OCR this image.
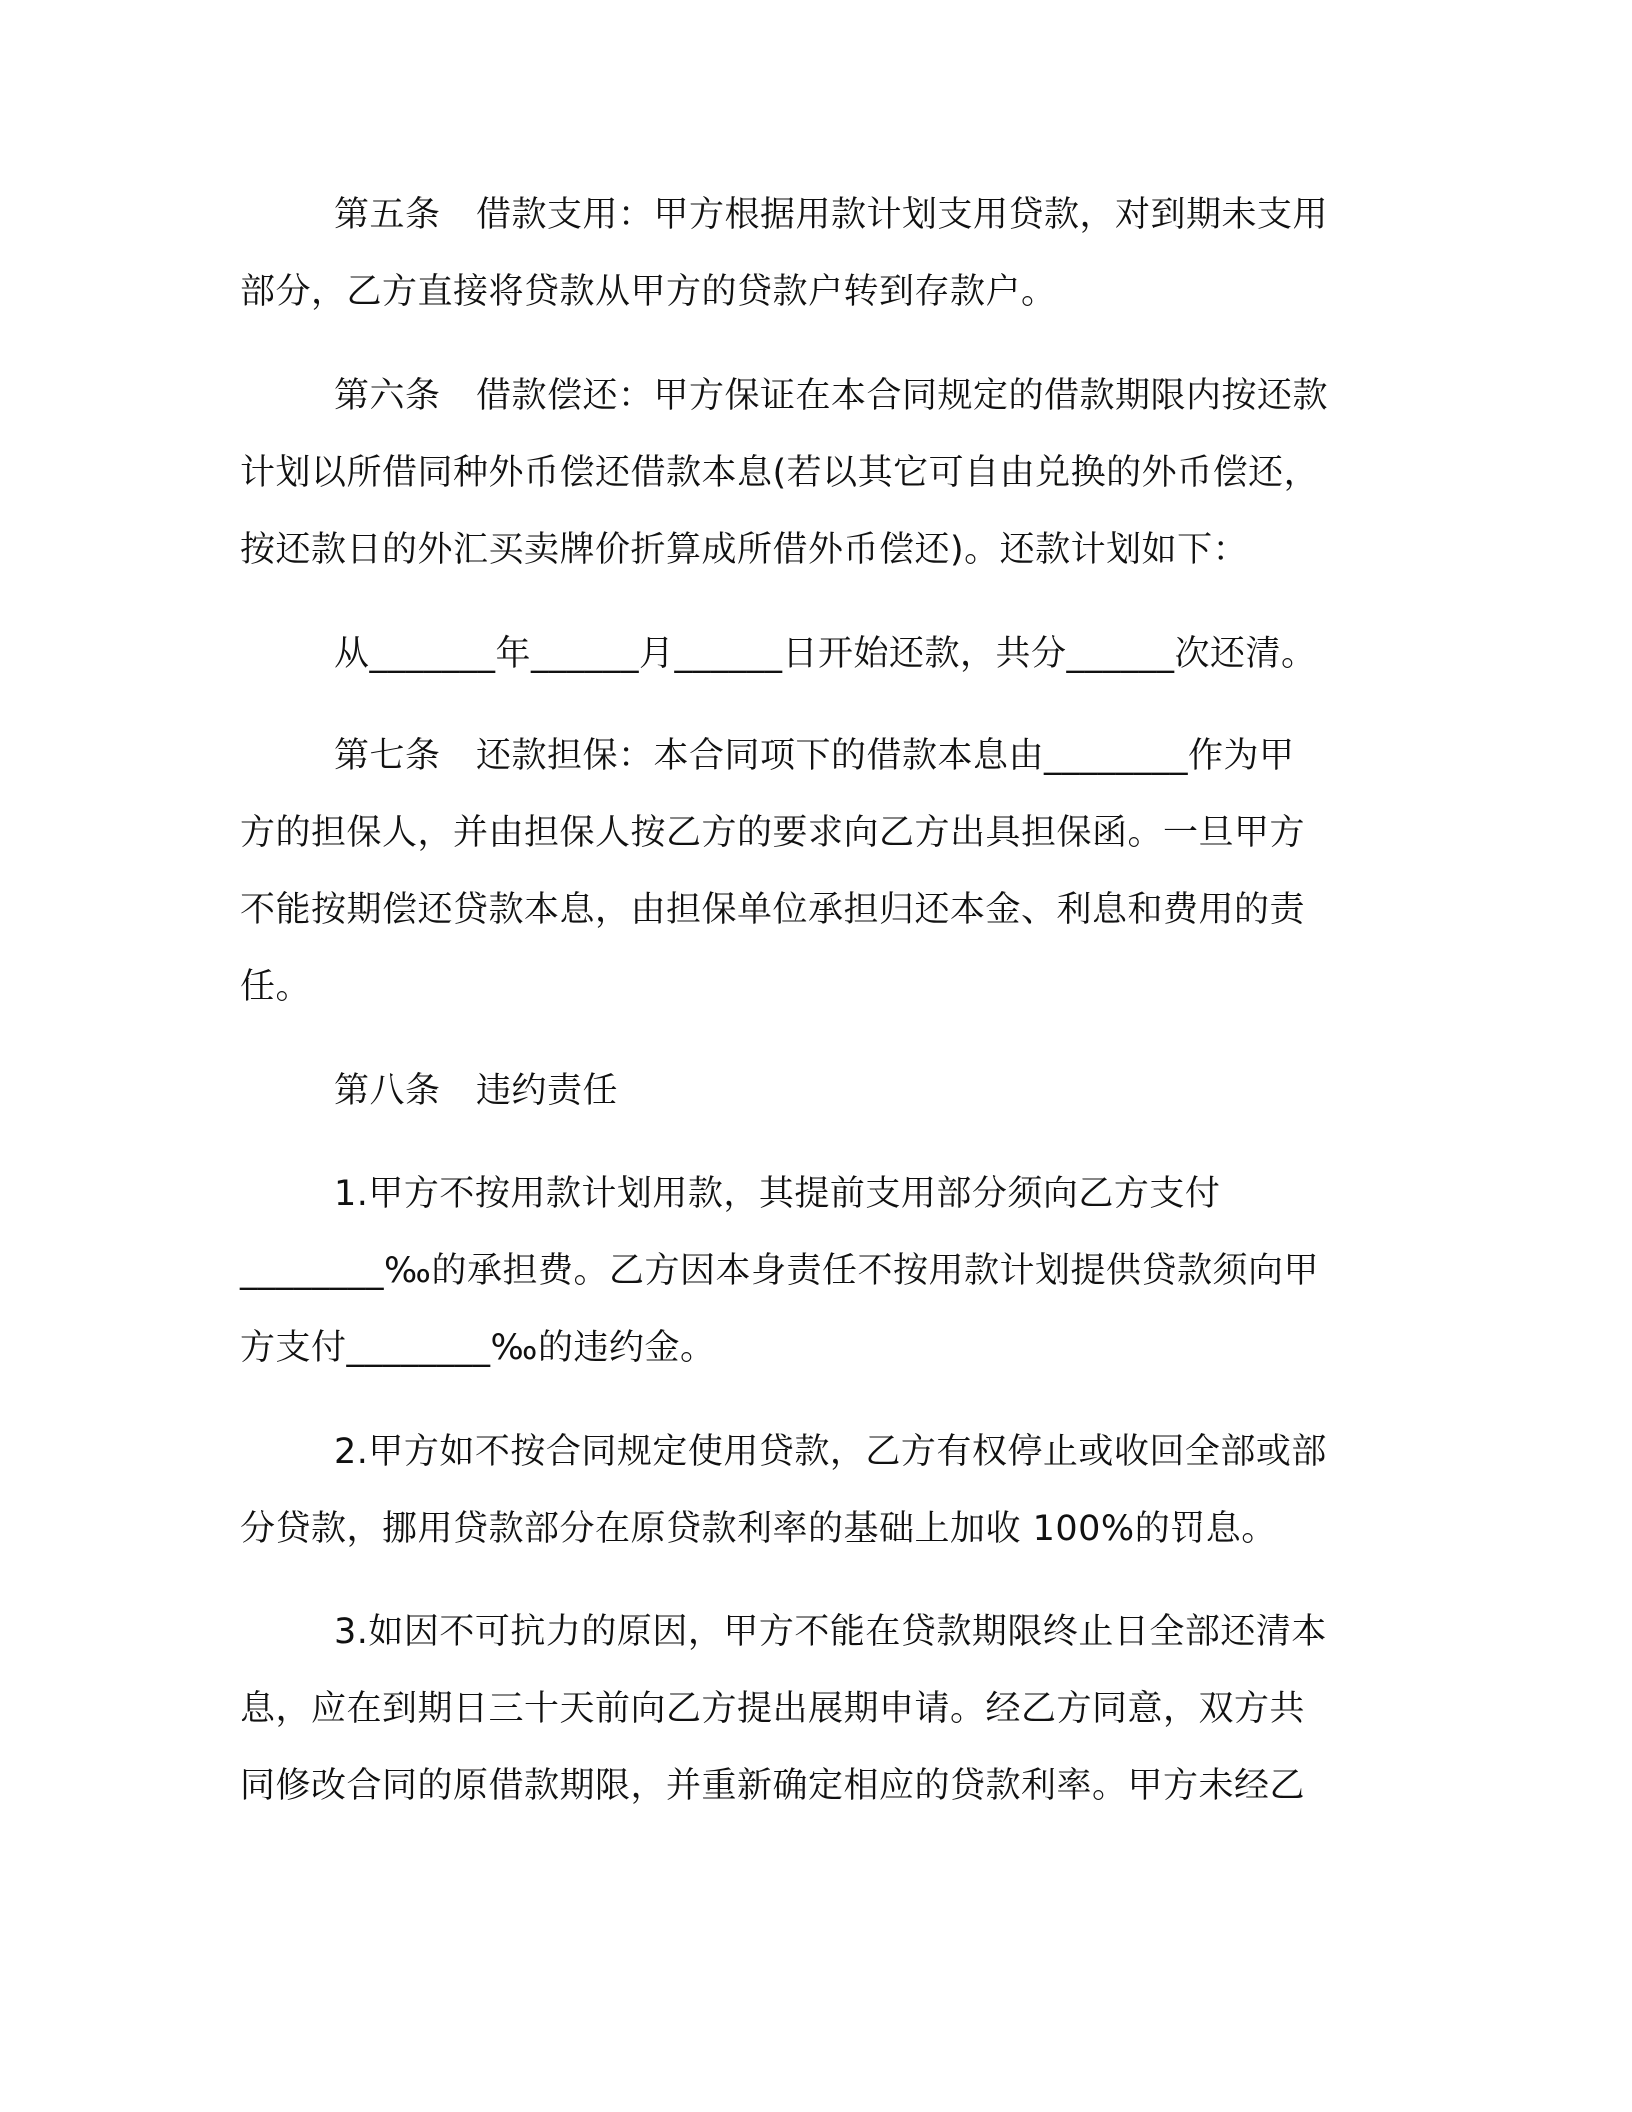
第五条　借款支用：甲方根据用款计划支用贷款，对到期未支用
部分，乙方直接将贷款从甲方的贷款户转到存款户。
第六条　借款偿还：甲方保证在本合同规定的借款期限内按还款
计划以所借同种外币偿还借款本息(若以其它可自由兑换的外币偿还，
按还款日的外汇买卖牌价折算成所借外币偿还)。还款计划如下：
从_______年______月______日开始还款，共分______次还清。
第七条　还款担保：本合同项下的借款本息由________作为甲
方的担保人，并由担保人按乙方的要求向乙方出具担保函。一旦甲方
不能按期偿还贷款本息，由担保单位承担归还本金、利息和费用的责
任。
第八条　违约责任
1.甲方不按用款计划用款，其提前支用部分须向乙方支付
________‰的承担费。乙方因本身责任不按用款计划提供贷款须向甲
方支付________‰的违约金。
2.甲方如不按合同规定使用贷款，乙方有权停止或收回全部或部
分贷款，挪用贷款部分在原贷款利率的基础上加收 100%的罚息。
3.如因不可抗力的原因，甲方不能在贷款期限终止日全部还清本
息，应在到期日三十天前向乙方提出展期申请。经乙方同意，双方共
同修改合同的原借款期限，并重新确定相应的贷款利率。甲方未经乙
